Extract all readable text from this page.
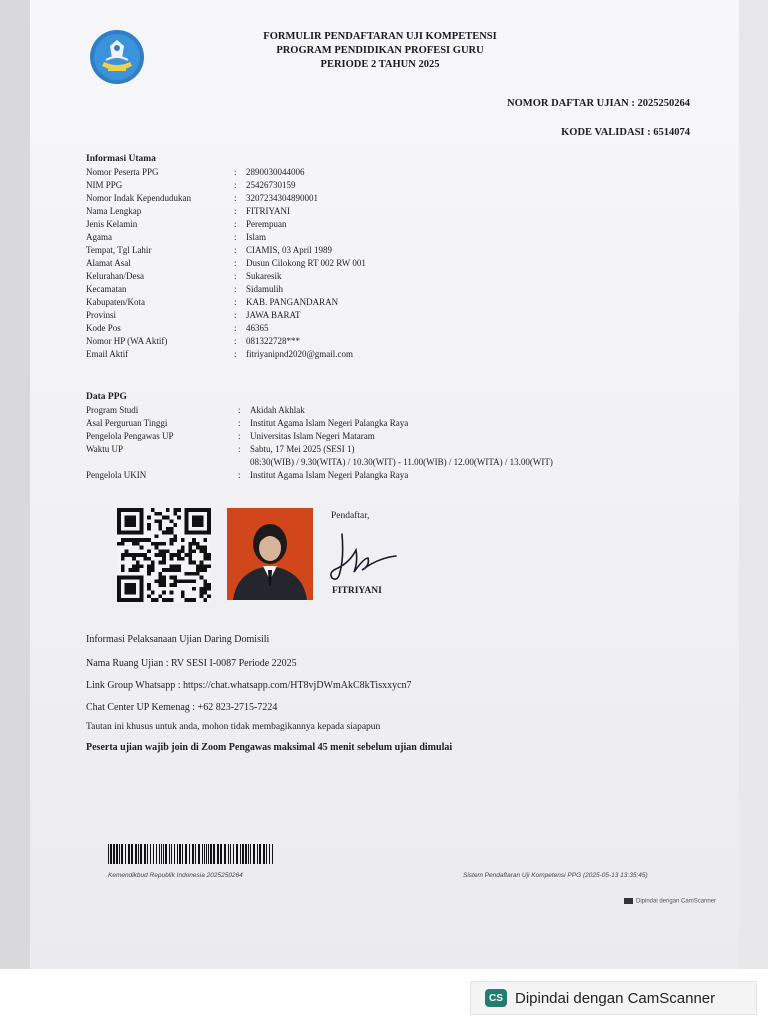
FORMULIR PENDAFTARAN UJI KOMPETENSI
PROGRAM PENDIDIKAN PROFESI GURU
PERIODE 2 TAHUN 2025
NOMOR DAFTAR UJIAN : 2025250264
KODE VALIDASI : 6514074
Informasi Utama
Nomor Peserta PPG	: 2890030044006
NIM PPG	: 25426730159
Nomor Indak Kependudukan	: 3207234304890001
Nama Lengkap	: FITRIYANI
Jenis Kelamin	: Perempuan
Agama	: Islam
Tempat, Tgl Lahir	: CIAMIS, 03 April 1989
Alamat Asal	: Dusun Cilokong RT 002 RW 001
Kelurahan/Desa	: Sukaresik
Kecamatan	: Sidamulih
Kabupaten/Kota	: KAB. PANGANDARAN
Provinsi	: JAWA BARAT
Kode Pos	: 46365
Nomor HP (WA Aktif)	: 081322728***
Email Aktif	: fitriyanipnd2020@gmail.com
Data PPG
Program Studi	: Akidah Akhlak
Asal Perguruan Tinggi	: Institut Agama Islam Negeri Palangka Raya
Pengelola Pengawas UP	: Universitas Islam Negeri Mataram
Waktu UP	: Sabtu, 17 Mei 2025 (SESI 1)
08:30(WIB) / 9.30(WITA) / 10.30(WIT) - 11.00(WIB) / 12.00(WITA) / 13.00(WIT)
Pengelola UKIN	: Institut Agama Islam Negeri Palangka Raya
Pendaftar,
FITRIYANI
Informasi Pelaksanaan Ujian Daring Domisili
Nama Ruang Ujian : RV SESI I-0087 Periode 22025
Link Group Whatsapp : https://chat.whatsapp.com/HT8vjDWmAkC8kTisxxycn7
Chat Center UP Kemenag : +62 823-2715-7224
Tautan ini khusus untuk anda, mohon tidak membagikannya kepada siapapun
Peserta ujian wajib join di Zoom Pengawas maksimal 45 menit sebelum ujian dimulai
Kemendikbud Republik Indonesia 2025250264	Sistem Pendaftaran Uji Kompetensi PPG (2025-05-13 13:35:45)
Dipindai dengan CamScanner
CS Dipindai dengan CamScanner
